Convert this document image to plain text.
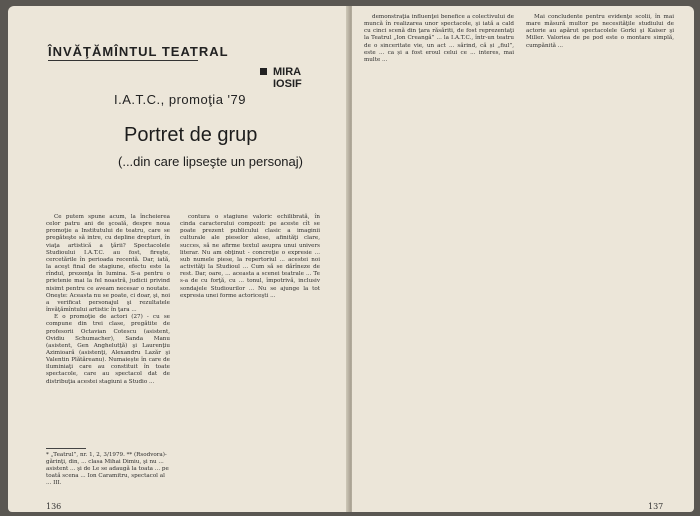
ÎNVĂŢĂMÎNTUL TEATRAL
MIRA
IOSIF
I.A.T.C., promoţia '79
Portret de grup
(...din care lipseşte un personaj)

Ce putem spune acum, la încheierea celor patru ani de şcoală, despre noua promoţie a Institutului de teatru, care se pregăteşte să intre, cu depline drepturi, în viaţa artistică a ţării? Spectacolele Studioului I.A.T.C. au fost, fireşte, cercetările în perioada recentă. Dar, iată, la aceşt final de stagiune, efectu este la rîndul, prezenţa în lumina. S-a pentru o prietenie mai la fel noastră, judicii privind nisimt pentru ce aveam necesar o noutate. Oneşte: Aceasta nu se poate, ci doar, şi, noi a verificat personajul şi rezultatele învăţămîntului artistic în ţara ...

E o promoţie de actori (27) - cu se compune din trei clase, pregătite de profesorii Octavian Cotescu (asistent, Ovidiu Schumacher), Sanda Manu (asistent, Gen Anghelutţă) şi Laurenţiu Azimioară (asistenţi, Alexandru Lazăr şi Valentin Plătăreanu). Numaiește în care de iluminiaţi care au constituit în toate spectacole, care au spectacol dat de distribuţia acestei stagiuni a Studio ...

contura o stagiune valoric echilibrată, în cinda caracterului compozit: pe aceste cît se poate prezent publicului clasic a imaginii culturale ale pieselor alese, afinităţi clare, succes, să ne afirme textul asupra unui univers literar. Nu am obţinut - concreţie o expresie ... sub numele piese, la repertoriul ... acestei noi activităţi la Studioul ... Cum să se dărîneze de rest. Dar, oare, ... aceasta a scenei teatrale ... Te s-a de cu forţă, cu ... tonul, împotrivă, inclusiv sondajele Studiourilor ... Nu se ajunge la tot expresia unei forme actoriceşti ...

* „Teatrul”, nr. 1, 2, 3/1979. ** (Rsodvora)-gărinţi, din, ... clasa Mihai Dimiu, şi nu ... asistent ... şi de Le se adaugă la toata ... pe toată scena ... Ion Caramitru, spectacol al ... III.
136

demonstraţia influenţei benefice a colectivului de muncă în realizarea unor spectacole, şi iată a cald cu cinci scenă din ţara răsăriti, de fost reprezentaţi la Teatrul „Ion Creangă” ... la I.A.T.C., într-un teatru de o sinceritate vie, un act ... sărind, că și „fiul”, este ... ca și a fost eroul celui ce ... interes, mai multe ...

Mai concludente pentru evidenţe scolii, în mai mare măsură multor pe necesităţile studiului de actorie au apărut spectacolele Gorki şi Kaiser şi Miller. Valoriea de pe pod este o montare simplă, cumpănită ...

137
